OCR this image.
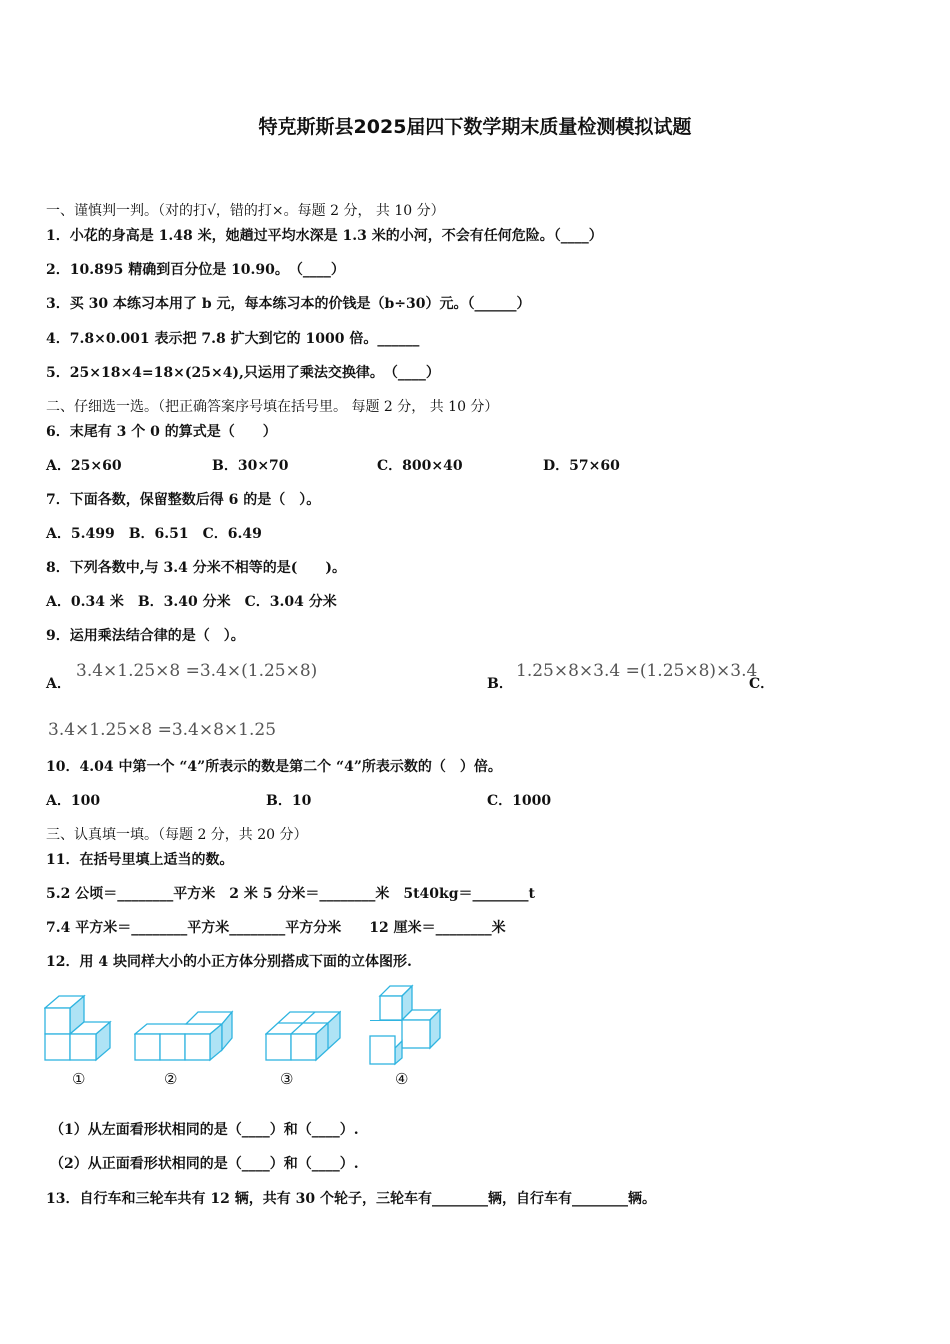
特克斯斯县2025届四下数学期末质量检测模拟试题
一、谨慎判一判。（对的打√，错的打×。每题 2 分， 共 10 分）
1．小花的身高是 1.48 米，她趟过平均水深是 1.3 米的小河，不会有任何危险。（____）
2．10.895 精确到百分位是 10.90。　（____）
3．买 30 本练习本用了 b 元，每本练习本的价钱是（b÷30）元。（______）
4．7.8×0.001 表示把 7.8 扩大到它的 1000 倍。______
5．25×18×4=18×(25×4),只运用了乘法交换律。　（____）
二、仔细选一选。（把正确答案序号填在括号里。 每题 2 分， 共 10 分）
6．末尾有 3 个 0 的算式是（　　）
A．25×60	B．30×70	C．800×40	D．57×60
7．下面各数，保留整数后得 6 的是（　）。
A．5.499　B．6.51　C．6.49
8．下列各数中,与 3.4 分米不相等的是(　　)。
A．0.34 米　B．3.40 分米　C．3.04 分米
9．运用乘法结合律的是（　）。
A．
3.4×1.25×8 =3.4×(1.25×8)
B．
1.25×8×3.4 =(1.25×8)×3.4
C．
3.4×1.25×8 =3.4×8×1.25
10．4.04 中第一个 “4”所表示的数是第二个 “4”所表示数的（　）倍。
A．100	B．10	C．1000
三、认真填一填。（每题 2 分，共 20 分）
11．在括号里填上适当的数。
5.2 公顷＝________平方米　2 米 5 分米＝________米　5t40kg＝________t
7.4 平方米＝________平方米________平方分米　　12 厘米＝________米
12．用 4 块同样大小的小正方体分别搭成下面的立体图形.
①	②	③	④
（1）从左面看形状相同的是（____）和（____）.
（2）从正面看形状相同的是（____）和（____）.
13．自行车和三轮车共有 12 辆，共有 30 个轮子，三轮车有________辆，自行车有________辆。
